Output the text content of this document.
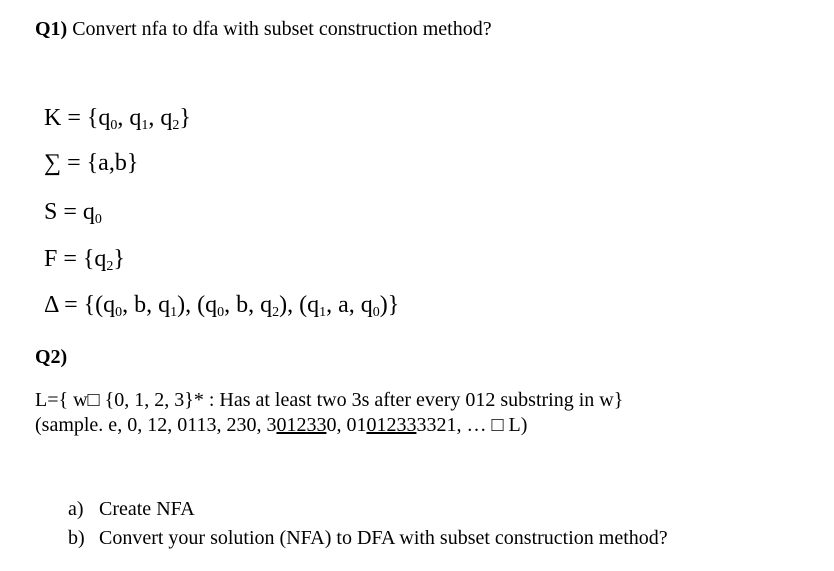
Q1) Convert nfa to dfa with subset construction method?
$K = \{q_0$, $q_1$, $q_2$}
∑ = {a,b}
$S = q_0$
$F = \{q_2\}$
$\Delta = \{(q_0$, b, $q_1$), ($q_0$, b, $q_2$), ($q_1$, a, $q_0$)}
Q2)
L={ w□ {0, 1, 2, 3}* : Has at least two 3s after every 012 substring in w}
(sample. e, 0, 12, 0113, 230, 3012330, 01012333321, … □ L)
a) Create NFA
b) Convert your solution (NFA) to DFA with subset construction method?
